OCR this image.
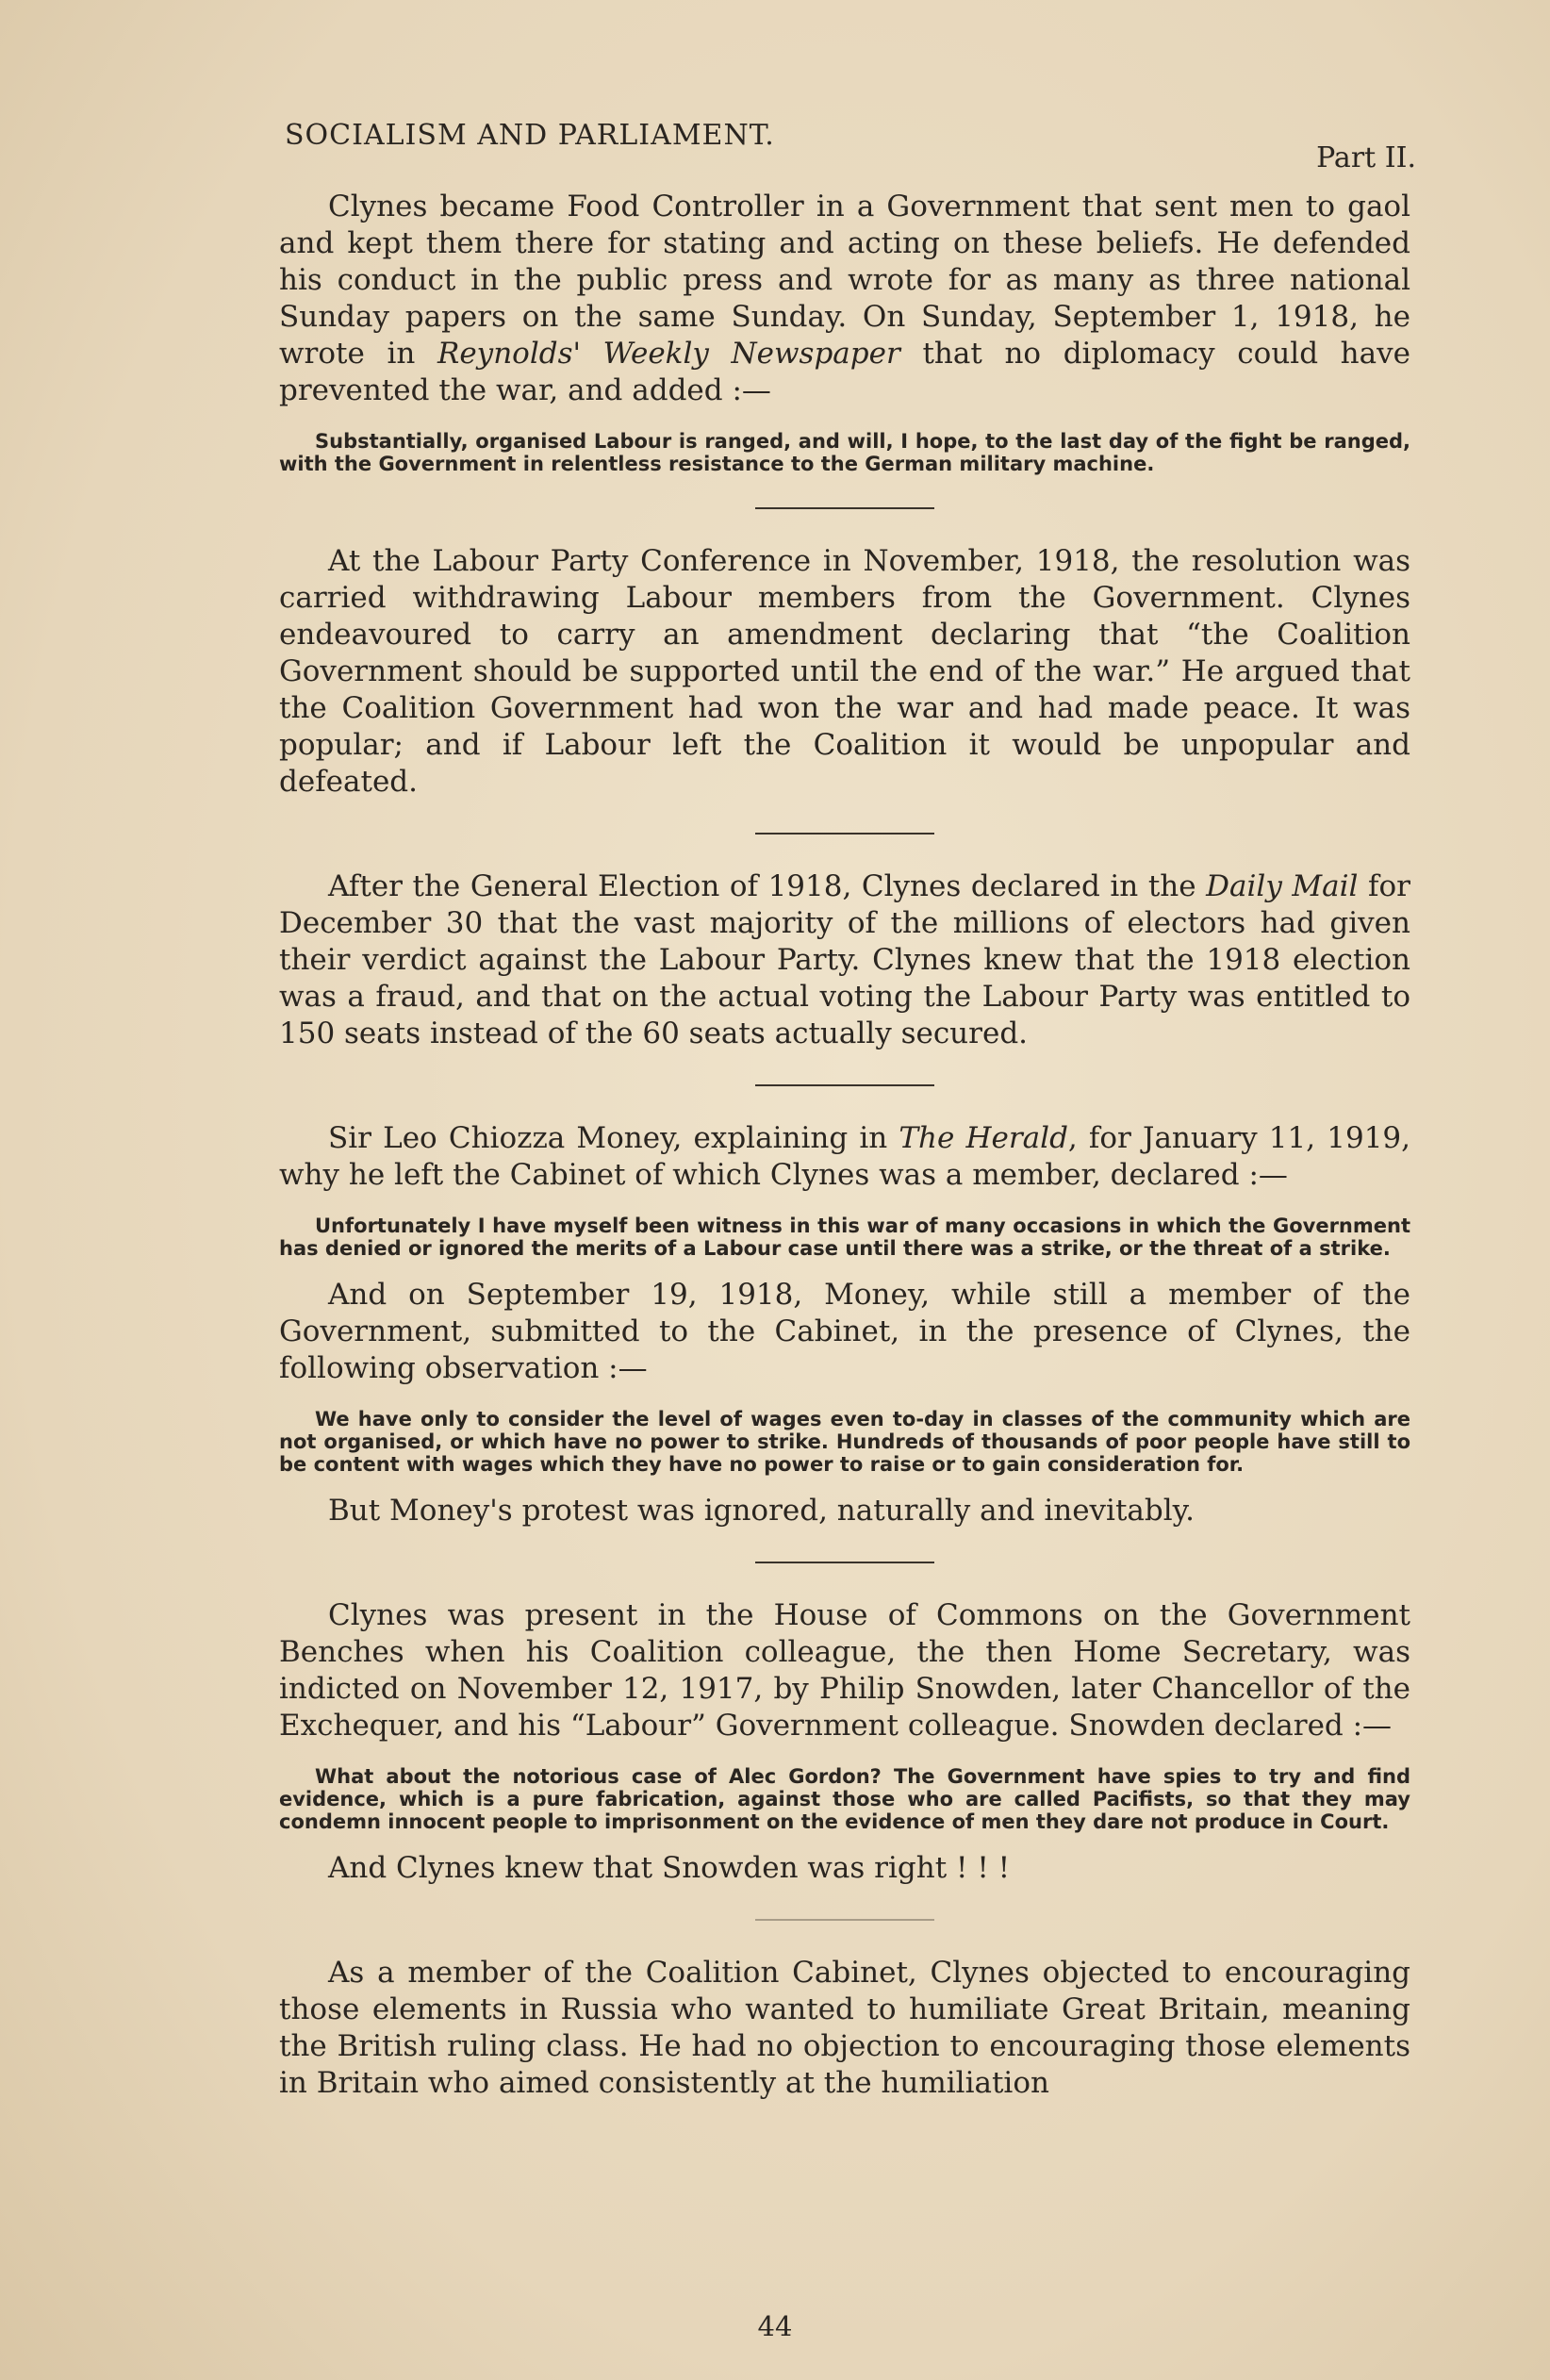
SOCIALISM AND PARLIAMENT.
Part II.

Clynes became Food Controller in a Government that sent men to gaol and kept them there for stating and acting on these beliefs. He defended his conduct in the public press and wrote for as many as three national Sunday papers on the same Sunday. On Sunday, September 1, 1918, he wrote in Reynolds' Weekly Newspaper that no diplomacy could have prevented the war, and added :—

Substantially, organised Labour is ranged, and will, I hope, to the last day of the fight be ranged, with the Government in relentless resistance to the German military machine.

At the Labour Party Conference in November, 1918, the resolution was carried withdrawing Labour members from the Government. Clynes endeavoured to carry an amendment declaring that “the Coalition Government should be supported until the end of the war.” He argued that the Coalition Government had won the war and had made peace. It was popular; and if Labour left the Coalition it would be unpopular and defeated.

After the General Election of 1918, Clynes declared in the Daily Mail for December 30 that the vast majority of the millions of electors had given their verdict against the Labour Party. Clynes knew that the 1918 election was a fraud, and that on the actual voting the Labour Party was entitled to 150 seats instead of the 60 seats actually secured.

Sir Leo Chiozza Money, explaining in The Herald, for January 11, 1919, why he left the Cabinet of which Clynes was a member, declared :—

Unfortunately I have myself been witness in this war of many occasions in which the Government has denied or ignored the merits of a Labour case until there was a strike, or the threat of a strike.

And on September 19, 1918, Money, while still a member of the Government, submitted to the Cabinet, in the presence of Clynes, the following observation :—

We have only to consider the level of wages even to-day in classes of the community which are not organised, or which have no power to strike. Hundreds of thousands of poor people have still to be content with wages which they have no power to raise or to gain consideration for.

But Money's protest was ignored, naturally and inevitably.

Clynes was present in the House of Commons on the Government Benches when his Coalition colleague, the then Home Secretary, was indicted on November 12, 1917, by Philip Snowden, later Chancellor of the Exchequer, and his “Labour” Government colleague. Snowden declared :—

What about the notorious case of Alec Gordon? The Government have spies to try and find evidence, which is a pure fabrication, against those who are called Pacifists, so that they may condemn innocent people to imprisonment on the evidence of men they dare not produce in Court.

And Clynes knew that Snowden was right ! ! !

As a member of the Coalition Cabinet, Clynes objected to encouraging those elements in Russia who wanted to humiliate Great Britain, meaning the British ruling class. He had no objection to encouraging those elements in Britain who aimed consistently at the humiliation

44
